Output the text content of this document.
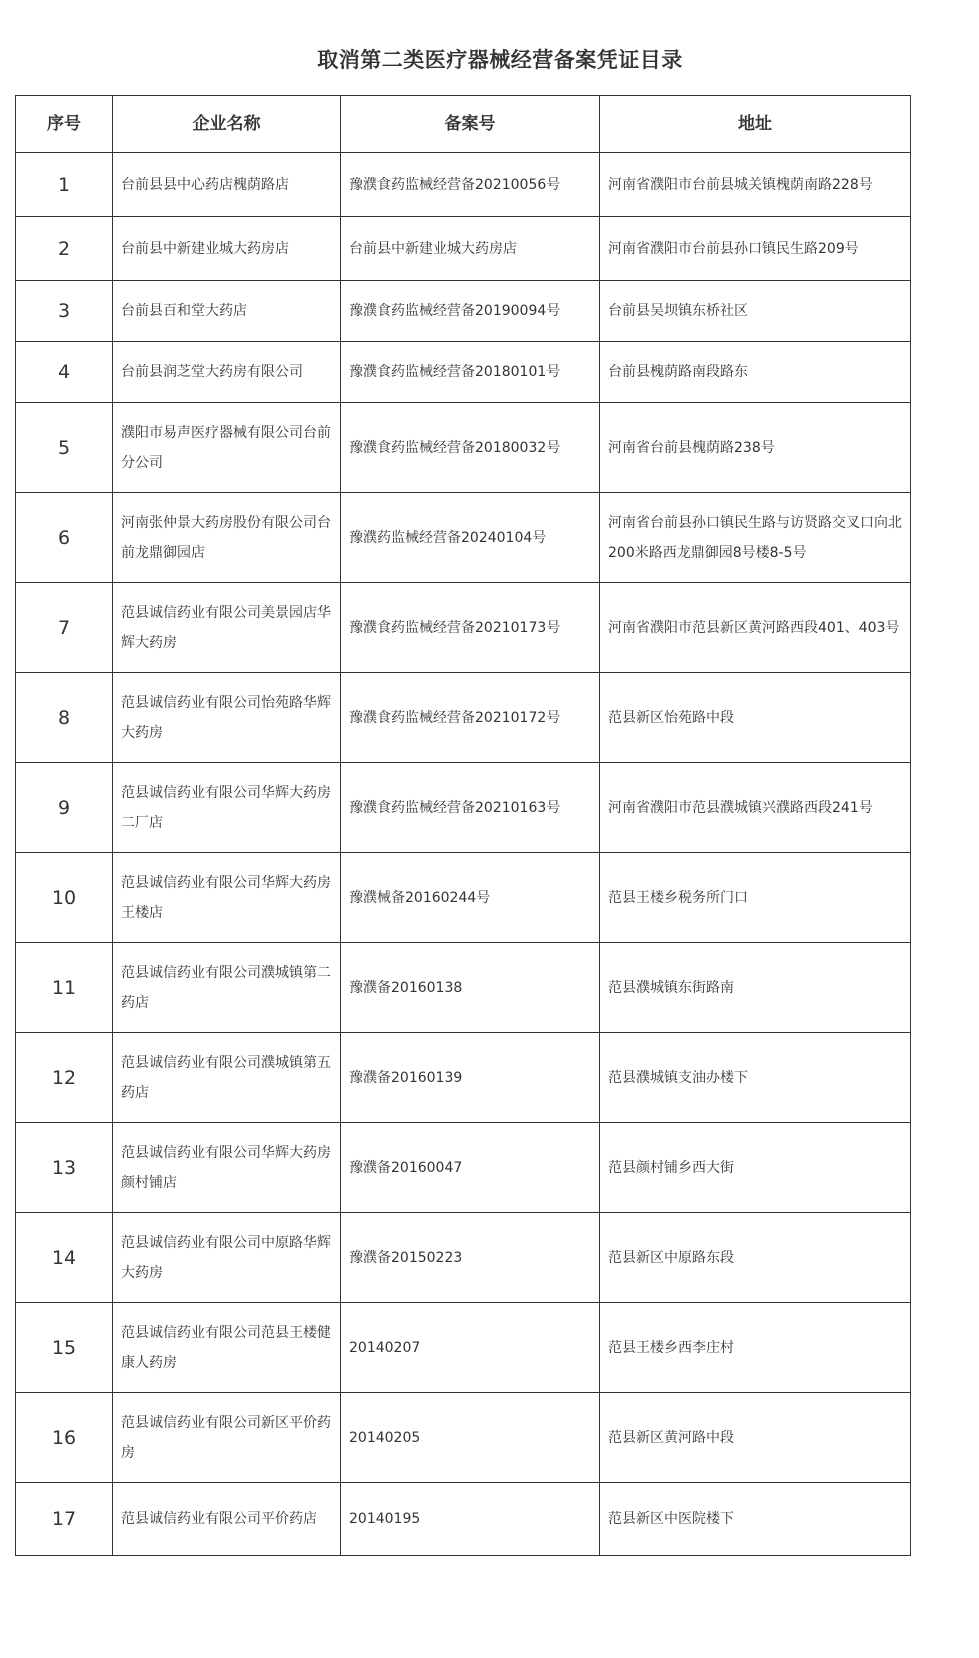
取消第二类医疗器械经营备案凭证目录
序号	企业名称	备案号	地址
1	台前县县中心药店槐荫路店	豫濮食药监械经营备20210056号	河南省濮阳市台前县城关镇槐荫南路228号
2	台前县中新建业城大药房店	台前县中新建业城大药房店	河南省濮阳市台前县孙口镇民生路209号
3	台前县百和堂大药店	豫濮食药监械经营备20190094号	台前县吴坝镇东桥社区
4	台前县润芝堂大药房有限公司	豫濮食药监械经营备20180101号	台前县槐荫路南段路东
5	濮阳市易声医疗器械有限公司台前分公司	豫濮食药监械经营备20180032号	河南省台前县槐荫路238号
6	河南张仲景大药房股份有限公司台前龙鼎御园店	豫濮药监械经营备20240104号	河南省台前县孙口镇民生路与访贤路交叉口向北200米路西龙鼎御园8号楼8-5号
7	范县诚信药业有限公司美景园店华辉大药房	豫濮食药监械经营备20210173号	河南省濮阳市范县新区黄河路西段401、403号
8	范县诚信药业有限公司怡苑路华辉大药房	豫濮食药监械经营备20210172号	范县新区怡苑路中段
9	范县诚信药业有限公司华辉大药房二厂店	豫濮食药监械经营备20210163号	河南省濮阳市范县濮城镇兴濮路西段241号
10	范县诚信药业有限公司华辉大药房王楼店	豫濮械备20160244号	范县王楼乡税务所门口
11	范县诚信药业有限公司濮城镇第二药店	豫濮备20160138	范县濮城镇东街路南
12	范县诚信药业有限公司濮城镇第五药店	豫濮备20160139	范县濮城镇支油办楼下
13	范县诚信药业有限公司华辉大药房颜村铺店	豫濮备20160047	范县颜村铺乡西大街
14	范县诚信药业有限公司中原路华辉大药房	豫濮备20150223	范县新区中原路东段
15	范县诚信药业有限公司范县王楼健康人药房	20140207	范县王楼乡西李庄村
16	范县诚信药业有限公司新区平价药房	20140205	范县新区黄河路中段
17	范县诚信药业有限公司平价药店	20140195	范县新区中医院楼下
